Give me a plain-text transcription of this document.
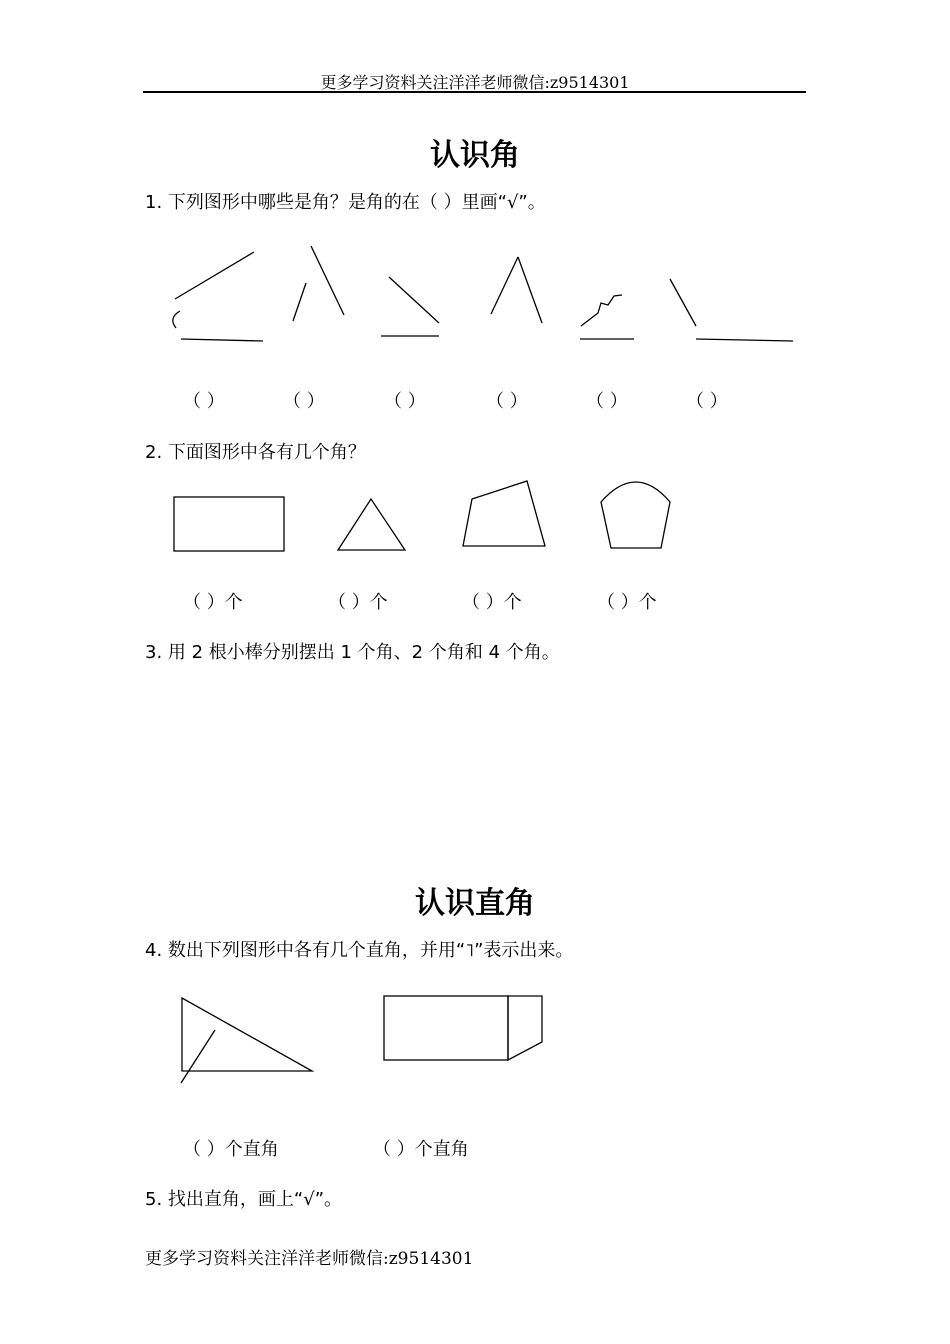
更多学习资料关注洋洋老师微信:z9514301
认识角
1. 下列图形中哪些是角？是角的在（ ）里画“√”。
（ ）	（ ）	（ ）	（ ）	（ ）	（ ）
2. 下面图形中各有几个角？
（ ）个	（ ）个	（ ）个	（ ）个
3. 用 2 根小棒分别摆出 1 个角、2 个角和 4 个角。
认识直角
4. 数出下列图形中各有几个直角，并用“˥”表示出来。
（ ）个直角	（ ）个直角
5. 找出直角，画上“√”。
更多学习资料关注洋洋老师微信:z9514301
